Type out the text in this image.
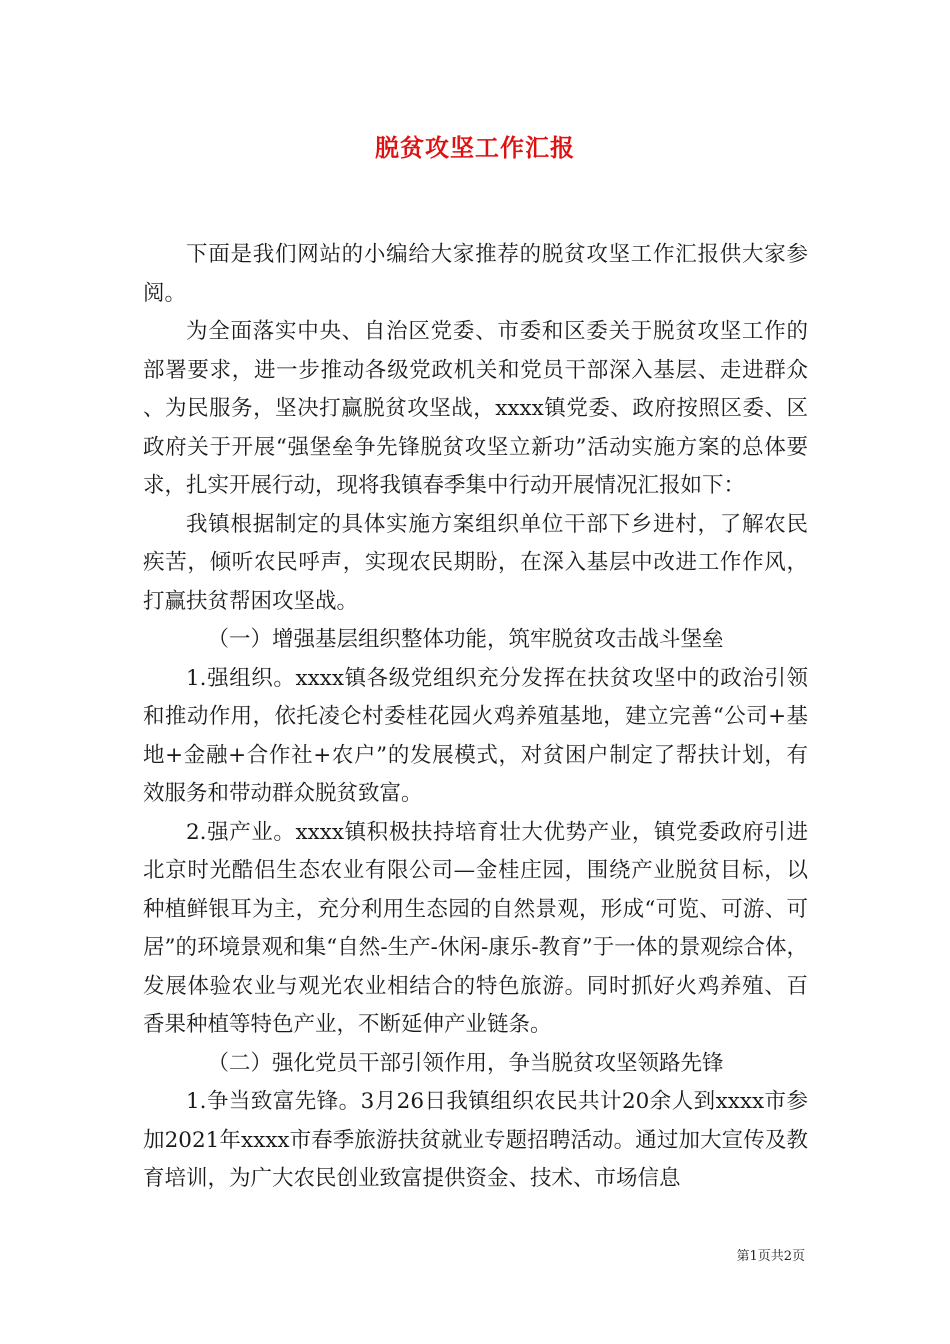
脱贫攻坚工作汇报

下面是我们网站的小编给大家推荐的脱贫攻坚工作汇报供大家参阅。

为全面落实中央、自治区党委、市委和区委关于脱贫攻坚工作的部署要求，进一步推动各级党政机关和党员干部深入基层、走进群众、为民服务，坚决打赢脱贫攻坚战，xxxx镇党委、政府按照区委、区政府关于开展“强堡垒争先锋脱贫攻坚立新功”活动实施方案的总体要求，扎实开展行动，现将我镇春季集中行动开展情况汇报如下：

我镇根据制定的具体实施方案组织单位干部下乡进村，了解农民疾苦，倾听农民呼声，实现农民期盼，在深入基层中改进工作作风，打赢扶贫帮困攻坚战。

（一）增强基层组织整体功能，筑牢脱贫攻击战斗堡垒

1.强组织。xxxx镇各级党组织充分发挥在扶贫攻坚中的政治引领和推动作用，依托凌仑村委桂花园火鸡养殖基地，建立完善“公司+基地+金融+合作社+农户”的发展模式，对贫困户制定了帮扶计划，有效服务和带动群众脱贫致富。

2.强产业。xxxx镇积极扶持培育壮大优势产业，镇党委政府引进北京时光酷侣生态农业有限公司—金桂庄园，围绕产业脱贫目标，以种植鲜银耳为主，充分利用生态园的自然景观，形成“可览、可游、可居”的环境景观和集“自然-生产-休闲-康乐-教育”于一体的景观综合体，发展体验农业与观光农业相结合的特色旅游。同时抓好火鸡养殖、百香果种植等特色产业，不断延伸产业链条。

（二）强化党员干部引领作用，争当脱贫攻坚领路先锋

1.争当致富先锋。3月26日我镇组织农民共计20余人到xxxx市参加2021年xxxx市春季旅游扶贫就业专题招聘活动。通过加大宣传及教育培训，为广大农民创业致富提供资金、技术、市场信息

第1页共2页
